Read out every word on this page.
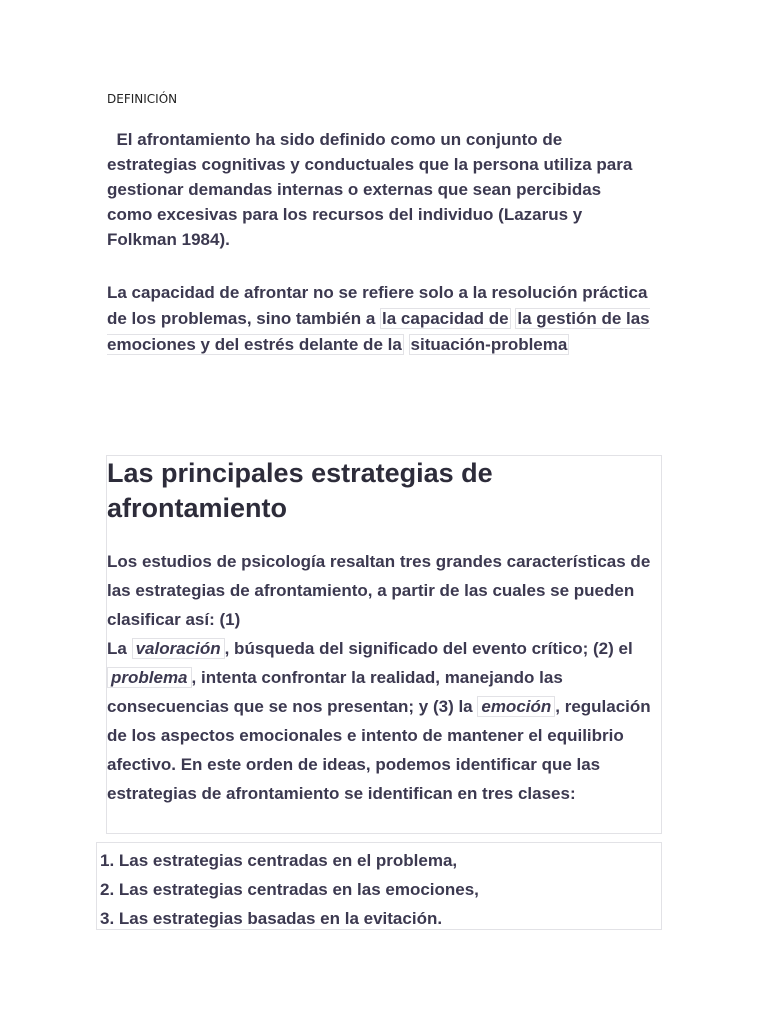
DEFINICIÓN
El afrontamiento ha sido definido como un conjunto de estrategias cognitivas y conductuales que la persona utiliza para gestionar demandas internas o externas que sean percibidas como excesivas para los recursos del individuo (Lazarus y Folkman 1984).
La capacidad de afrontar no se refiere solo a la resolución práctica de los problemas, sino también a la capacidad de la gestión de las emociones y del estrés delante de la situación-problema
Las principales estrategias de afrontamiento
Los estudios de psicología resaltan tres grandes características de las estrategias de afrontamiento, a partir de las cuales se pueden clasificar así: (1)
La valoración , búsqueda del significado del evento crítico; (2) el problema , intenta confrontar la realidad, manejando las consecuencias que se nos presentan; y (3) la emoción , regulación de los aspectos emocionales e intento de mantener el equilibrio afectivo. En este orden de ideas, podemos identificar que las estrategias de afrontamiento se identifican en tres clases:
1. Las estrategias centradas en el problema,
2. Las estrategias centradas en las emociones,
3. Las estrategias basadas en la evitación.
